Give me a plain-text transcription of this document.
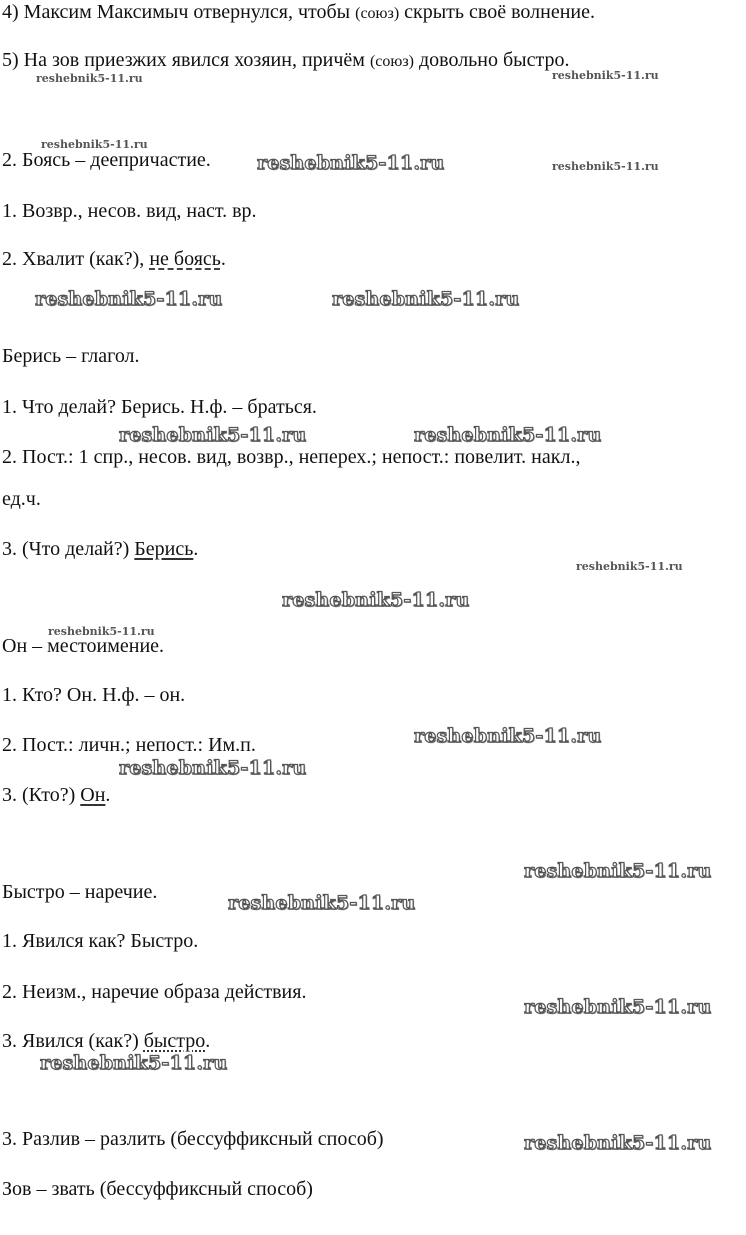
4) Максим Максимыч отвернулся, чтобы (союз) скрыть своё волнение.
5) На зов приезжих явился хозяин, причём (союз) довольно быстро.
2. Боясь – деепричастие.
1. Возвр., несов. вид, наст. вр.
2. Хвалит (как?), не боясь.
Берись – глагол.
1. Что делай? Берись. Н.ф. – браться.
2. Пост.: 1 спр., несов. вид, возвр., неперех.; непост.: повелит. накл.,
ед.ч.
3. (Что делай?) Берись.
Он – местоимение.
1. Кто? Он. Н.ф. – он.
2. Пост.: личн.; непост.: Им.п.
3. (Кто?) Он.
Быстро – наречие.
1. Явился как? Быстро.
2. Неизм., наречие образа действия.
3. Явился (как?) быстро.
3. Разлив – разлить (бессуффиксный способ)
Зов – звать (бессуффиксный способ)
reshebnik5-11.ru	reshebnik5-11.ru
reshebnik5-11.ru
reshebnik5-11.ru	reshebnik5-11.ru
reshebnik5-11.ru	reshebnik5-11.ru
reshebnik5-11.ru	reshebnik5-11.ru
reshebnik5-11.ru
reshebnik5-11.ru
reshebnik5-11.ru
reshebnik5-11.ru
reshebnik5-11.ru
reshebnik5-11.ru
reshebnik5-11.ru
reshebnik5-11.ru
reshebnik5-11.ru
reshebnik5-11.ru
